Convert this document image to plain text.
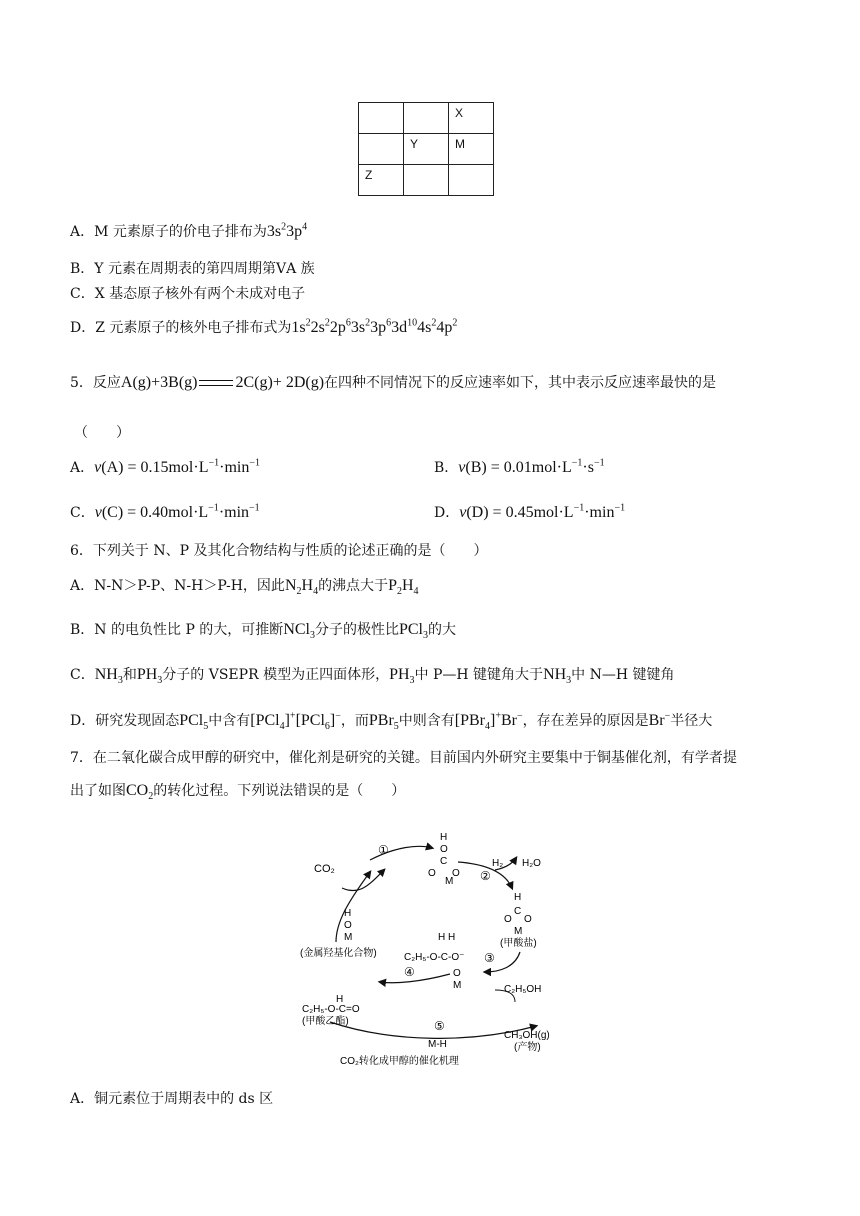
		X
	Y	M
Z		
A．M 元素原子的价电子排布为$3s^23p^4$
B．Y 元素在周期表的第四周期第ⅤA 族
C．X 基态原子核外有两个未成对电子
D．Z 元素原子的核外电子排布式为$1s^22s^22p^63s^23p^63d^{10}4s^24p^2$
5．反应A(g)+3B(g) 2C(g)+ 2D(g)在四种不同情况下的反应速率如下，其中表示反应速率最快的是
（　　）
A．$v(A) = 0.15mol\cdot L^{-1}\cdot\min^{-1}$	B．$v(B) = 0.01mol\cdot L^{-1}\cdot s^{-1}$
C．$v(C) = 0.40mol\cdot L^{-1}\cdot\min^{-1}$	D．$v(D) = 0.45mol\cdot L^{-1}\cdot\min^{-1}$
6．下列关于 N、P 及其化合物结构与性质的论述正确的是（　　）
A．N-N＞P-P、N-H＞P-H，因此$N_2H_4$的沸点大于$P_2H_4$
B．N 的电负性比 P 的大，可推断NCl$_3$分子的极性比PCl$_3$的大
C．$NH_3$和$PH_3$分子的 VSEPR 模型为正四面体形，$PH_3$中 P—H 键键角大于$NH_3$中 N—H 键键角
D．研究发现固态PCl$_5$中含有[PCl$_4$]+[PCl$_6$]−，而PBr$_5$中则含有[PBr$_4$]+Br−，存在差异的原因是Br−半径大
7．在二氧化碳合成甲醇的研究中，催化剂是研究的关键。目前国内外研究主要集中于铜基催化剂，有学者提
出了如图$CO_2$的转化过程。下列说法错误的是（　　）
H
O
C
O O
M
H
C
O O
M
H H
C₂H₅-O-C-O⁻
O
M
H
O
M
H
C₂H₅-O-C=O
CO₂	H₂ H₂O
(金属羟基化合物)
(甲酸盐)
(甲酸乙酯)
C₂H₅OH
CH₃OH(g)
(产物)
M-H
①
②
③
④
⑤
CO₂转化成甲醇的催化机理
A．铜元素位于周期表中的 ds 区
